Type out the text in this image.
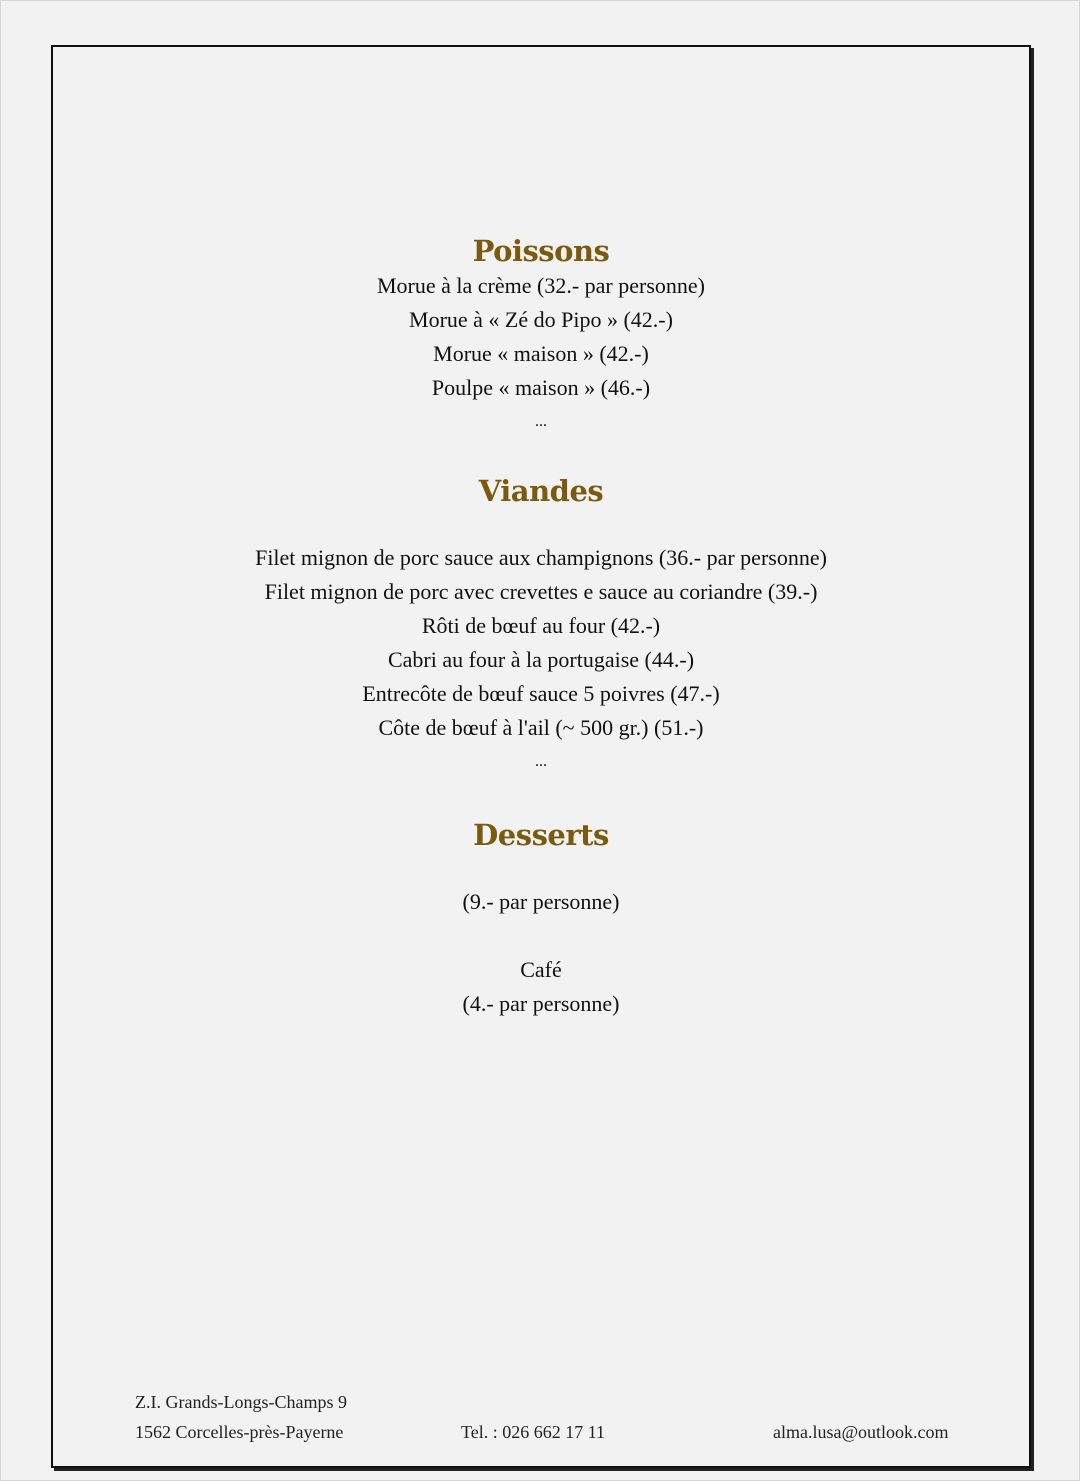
Poissons

Morue à la crème (32.- par personne)

Morue à « Zé do Pipo » (42.-)

Morue « maison » (42.-)

Poulpe « maison » (46.-)

...
Viandes

Filet mignon de porc sauce aux champignons (36.- par personne)

Filet mignon de porc avec crevettes e sauce au coriandre (39.-)

Rôti de bœuf au four (42.-)

Cabri au four à la portugaise (44.-)

Entrecôte de bœuf sauce 5 poivres (47.-)

Côte de bœuf à l'ail (~ 500 gr.) (51.-)

...
Desserts

(9.- par personne)

Café

(4.- par personne)

Z.I. Grands-Longs-Champs 9
1562 Corcelles-près-Payerne	Tel. : 026 662 17 11	alma.lusa@outlook.com
